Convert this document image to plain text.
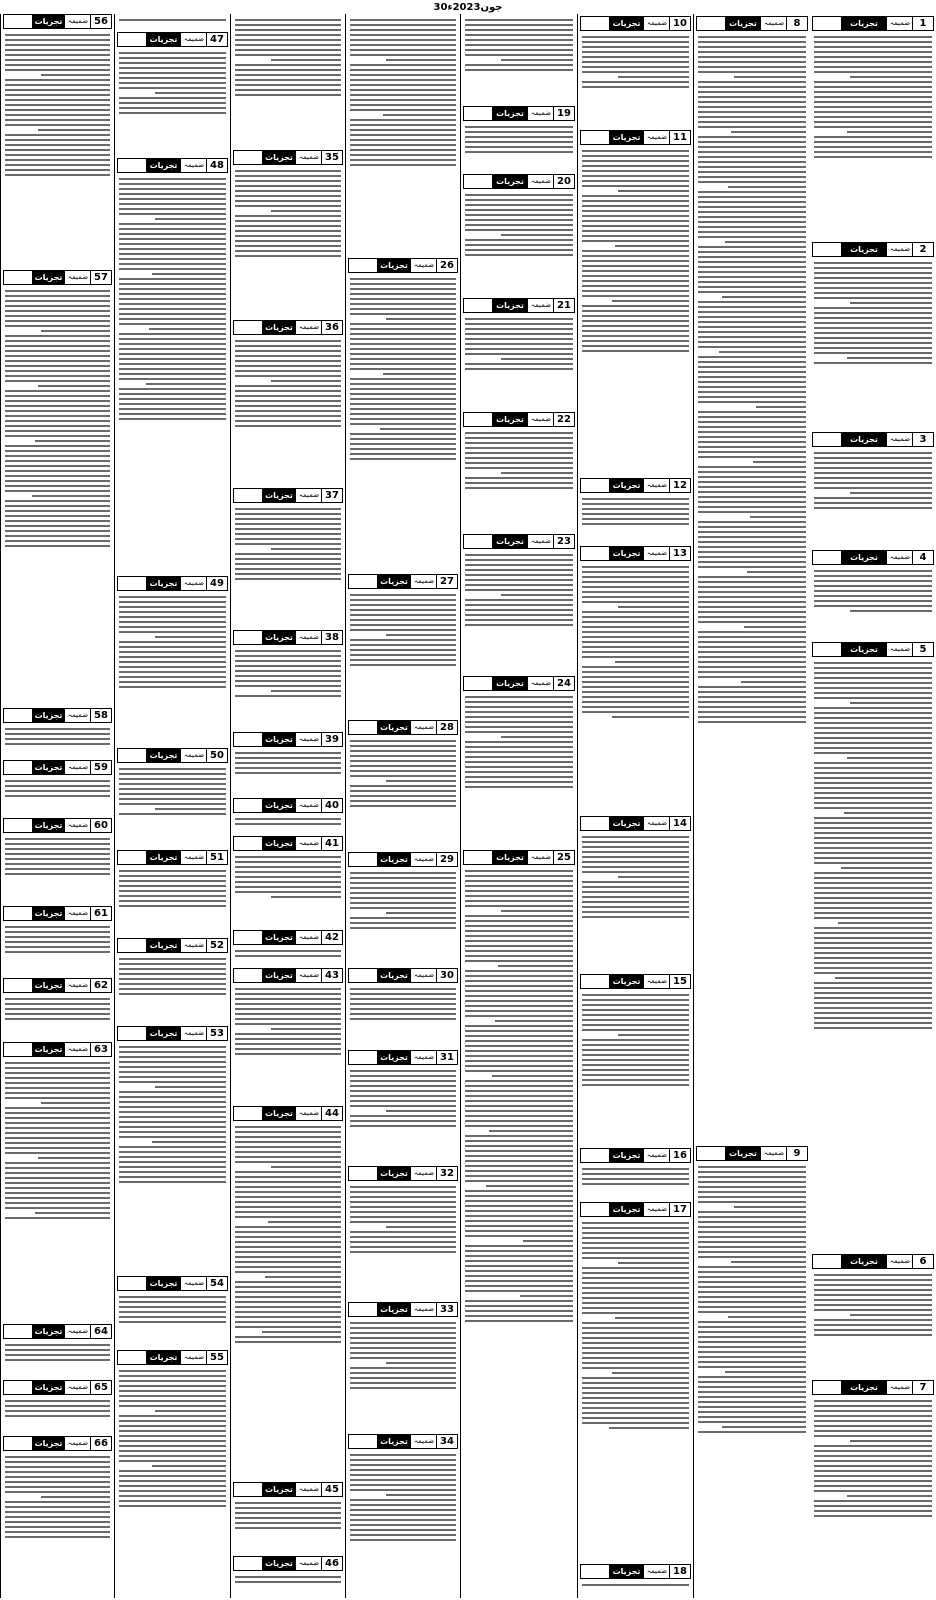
30جون2023ء
1
ضمیمہ
تجزیات
2
ضمیمہ
تجزیات
3
ضمیمہ
تجزیات
4
ضمیمہ
تجزیات
5
ضمیمہ
تجزیات
6
ضمیمہ
تجزیات
7
ضمیمہ
تجزیات
8
ضمیمہ
تجزیات
9
ضمیمہ
تجزیات
10
ضمیمہ
تجزیات
11
ضمیمہ
تجزیات
12
ضمیمہ
تجزیات
13
ضمیمہ
تجزیات
14
ضمیمہ
تجزیات
15
ضمیمہ
تجزیات
16
ضمیمہ
تجزیات
17
ضمیمہ
تجزیات
18
ضمیمہ
تجزیات
19
ضمیمہ
تجزیات
20
ضمیمہ
تجزیات
21
ضمیمہ
تجزیات
22
ضمیمہ
تجزیات
23
ضمیمہ
تجزیات
24
ضمیمہ
تجزیات
25
ضمیمہ
تجزیات
26
ضمیمہ
تجزیات
27
ضمیمہ
تجزیات
28
ضمیمہ
تجزیات
29
ضمیمہ
تجزیات
30
ضمیمہ
تجزیات
31
ضمیمہ
تجزیات
32
ضمیمہ
تجزیات
33
ضمیمہ
تجزیات
34
ضمیمہ
تجزیات
35
ضمیمہ
تجزیات
36
ضمیمہ
تجزیات
37
ضمیمہ
تجزیات
38
ضمیمہ
تجزیات
39
ضمیمہ
تجزیات
40
ضمیمہ
تجزیات
41
ضمیمہ
تجزیات
42
ضمیمہ
تجزیات
43
ضمیمہ
تجزیات
44
ضمیمہ
تجزیات
45
ضمیمہ
تجزیات
46
ضمیمہ
تجزیات
47
ضمیمہ
تجزیات
48
ضمیمہ
تجزیات
49
ضمیمہ
تجزیات
50
ضمیمہ
تجزیات
51
ضمیمہ
تجزیات
52
ضمیمہ
تجزیات
53
ضمیمہ
تجزیات
54
ضمیمہ
تجزیات
55
ضمیمہ
تجزیات
56
ضمیمہ
تجزیات
57
ضمیمہ
تجزیات
58
ضمیمہ
تجزیات
59
ضمیمہ
تجزیات
60
ضمیمہ
تجزیات
61
ضمیمہ
تجزیات
62
ضمیمہ
تجزیات
63
ضمیمہ
تجزیات
64
ضمیمہ
تجزیات
65
ضمیمہ
تجزیات
66
ضمیمہ
تجزیات
